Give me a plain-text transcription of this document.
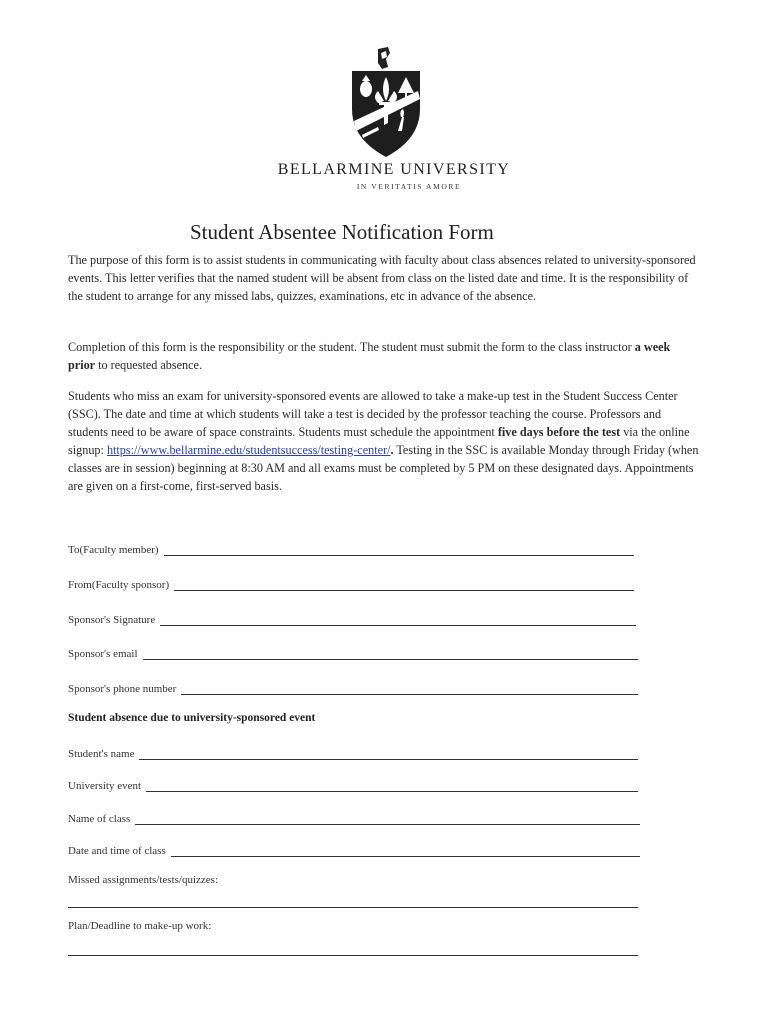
BELLARMINE UNIVERSITY
IN VERITATIS AMORE
Student Absentee Notification Form

The purpose of this form is to assist students in communicating with faculty about class absences related to university-sponsored events. This letter verifies that the named student will be absent from class on the listed date and time. It is the responsibility of the student to arrange for any missed labs, quizzes, examinations, etc in advance of the absence.

Completion of this form is the responsibility or the student. The student must submit the form to the class instructor a week prior to requested absence.

Students who miss an exam for university-sponsored events are allowed to take a make-up test in the Student Success Center (SSC). The date and time at which students will take a test is decided by the professor teaching the course. Professors and students need to be aware of space constraints. Students must schedule the appointment five days before the test via the online signup: https://www.bellarmine.edu/studentsuccess/testing-center/. Testing in the SSC is available Monday through Friday (when classes are in session) beginning at 8:30 AM and all exams must be completed by 5 PM on these designated days. Appointments are given on a first-come, first-served basis.

To(Faculty member)
From(Faculty sponsor)
Sponsor's Signature
Sponsor's email
Sponsor's phone number
Student absence due to university-sponsored event
Student's name
University event
Name of class
Date and time of class
Missed assignments/tests/quizzes:
Plan/Deadline to make-up work:
